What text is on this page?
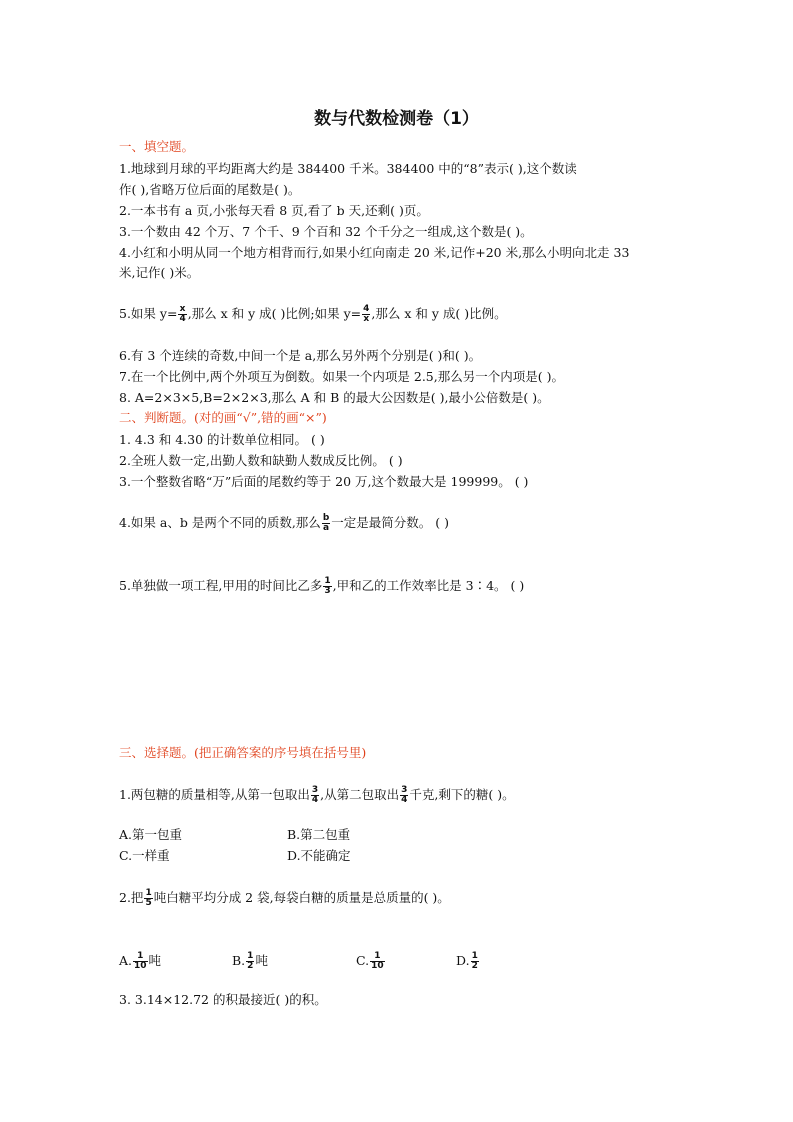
数与代数检测卷（1）
一、填空题。
1.地球到月球的平均距离大约是 384400 千米。384400 中的“8”表示( ),这个数读
作( ),省略万位后面的尾数是( )。
2.一本书有 a 页,小张每天看 8 页,看了 b 天,还剩( )页。
3.一个数由 42 个万、7 个千、9 个百和 32 个千分之一组成,这个数是( )。
4.小红和小明从同一个地方相背而行,如果小红向南走 20 米,记作+20 米,那么小明向北走 33
米,记作( )米。
5.如果 $y= \frac{x}{4}$ ,那么 x 和 y 成( )比例;如果 $y= \frac{4}{x}$ ,那么 x 和 y 成( )比例。
6.有 3 个连续的奇数,中间一个是 a,那么另外两个分别是( )和( )。
7.在一个比例中,两个外项互为倒数。如果一个内项是 2.5,那么另一个内项是( )。
8. A=2×3×5,B=2×2×3,那么 A 和 B 的最大公因数是( ),最小公倍数是( )。
二、判断题。(对的画“√”,错的画“×”)
1. 4.3 和 4.30 的计数单位相同。 ( )
2.全班人数一定,出勤人数和缺勤人数成反比例。 ( )
3.一个整数省略“万”后面的尾数约等于 20 万,这个数最大是 199999。 ( )
4.如果 a、b 是两个不同的质数,那么 $\frac{b}{a}$ 一定是最简分数。 ( )
5.单独做一项工程,甲用的时间比乙多 $\frac{1}{3}$ ,甲和乙的工作效率比是 3∶4。 ( )
三、选择题。(把正确答案的序号填在括号里)
1.两包糖的质量相等,从第一包取出 $\frac{3}{4}$ ,从第二包取出 $\frac{3}{4}$ 千克,剩下的糖( )。
A.第一包重	B.第二包重
C.一样重	D.不能确定
2.把 $\frac{1}{5}$ 吨白糖平均分成 2 袋,每袋白糖的质量是总质量的( )。
A. $\frac{1}{10}$ 吨	B. $\frac{1}{2}$ 吨	C. $\frac{1}{10}$	D. $\frac{1}{2}$
3. 3.14×12.72 的积最接近( )的积。
